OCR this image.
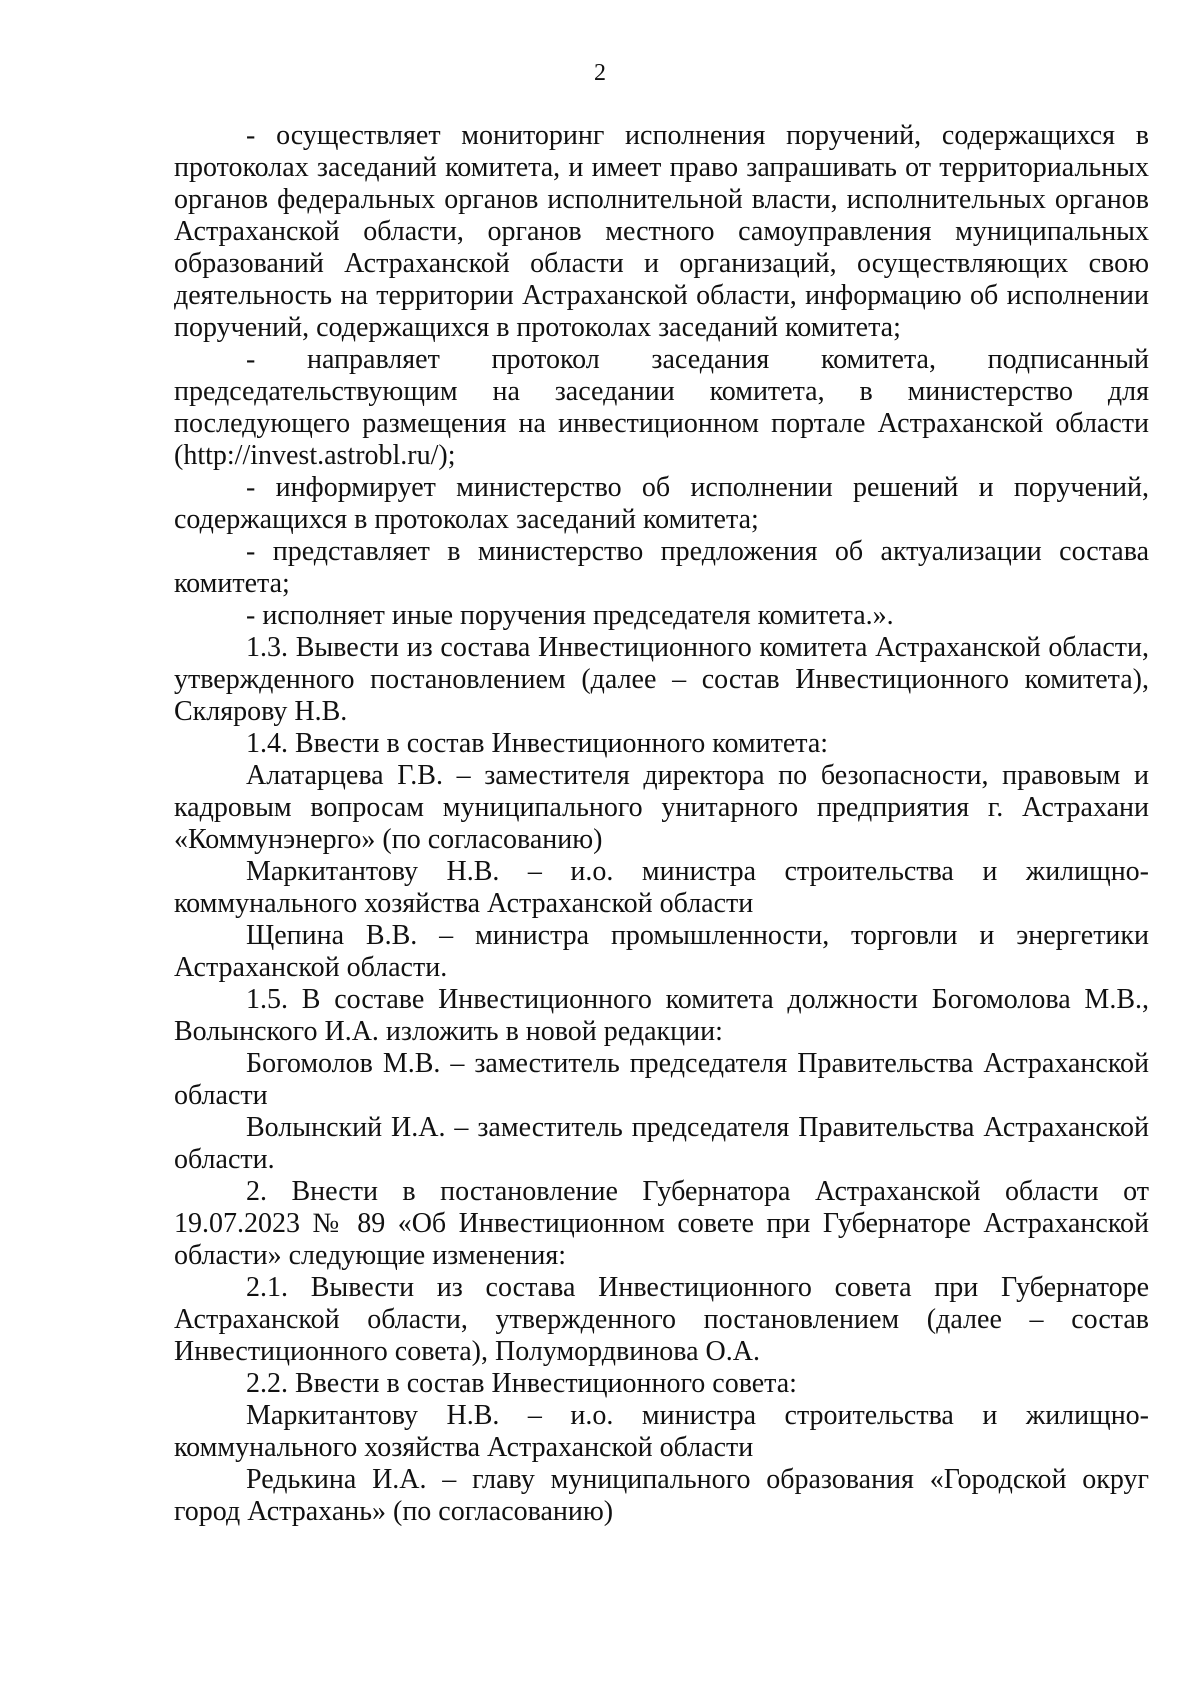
2

- осуществляет мониторинг исполнения поручений, содержащихся в протоколах заседаний комитета, и имеет право запрашивать от территориальных органов федеральных органов исполнительной власти, исполнительных органов Астраханской области, органов местного самоуправления муниципальных образований Астраханской области и организаций, осуществляющих свою деятельность на территории Астраханской области, информацию об исполнении поручений, содержащихся в протоколах заседаний комитета;

- направляет протокол заседания комитета, подписанный председательствующим на заседании комитета, в министерство для последующего размещения на инвестиционном портале Астраханской области (http://invest.astrobl.ru/);

- информирует министерство об исполнении решений и поручений, содержащихся в протоколах заседаний комитета;

- представляет в министерство предложения об актуализации состава комитета;

- исполняет иные поручения председателя комитета.».

1.3. Вывести из состава Инвестиционного комитета Астраханской области, утвержденного постановлением (далее – состав Инвестиционного комитета), Склярову Н.В.

1.4. Ввести в состав Инвестиционного комитета:

Алатарцева Г.В. – заместителя директора по безопасности, правовым и кадровым вопросам муниципального унитарного предприятия г. Астрахани «Коммунэнерго» (по согласованию)

Маркитантову Н.В. – и.о. министра строительства и жилищно-коммунального хозяйства Астраханской области

Щепина В.В. – министра промышленности, торговли и энергетики Астраханской области.

1.5. В составе Инвестиционного комитета должности Богомолова М.В., Волынского И.А. изложить в новой редакции:

Богомолов М.В. – заместитель председателя Правительства Астраханской области

Волынский И.А. – заместитель председателя Правительства Астраханской области.

2. Внести в постановление Губернатора Астраханской области от 19.07.2023 № 89 «Об Инвестиционном совете при Губернаторе Астраханской области» следующие изменения:

2.1. Вывести из состава Инвестиционного совета при Губернаторе Астраханской области, утвержденного постановлением (далее – состав Инвестиционного совета), Полумордвинова О.А.

2.2. Ввести в состав Инвестиционного совета:

Маркитантову Н.В. – и.о. министра строительства и жилищно-коммунального хозяйства Астраханской области

Редькина И.А. – главу муниципального образования «Городской округ город Астрахань» (по согласованию)
